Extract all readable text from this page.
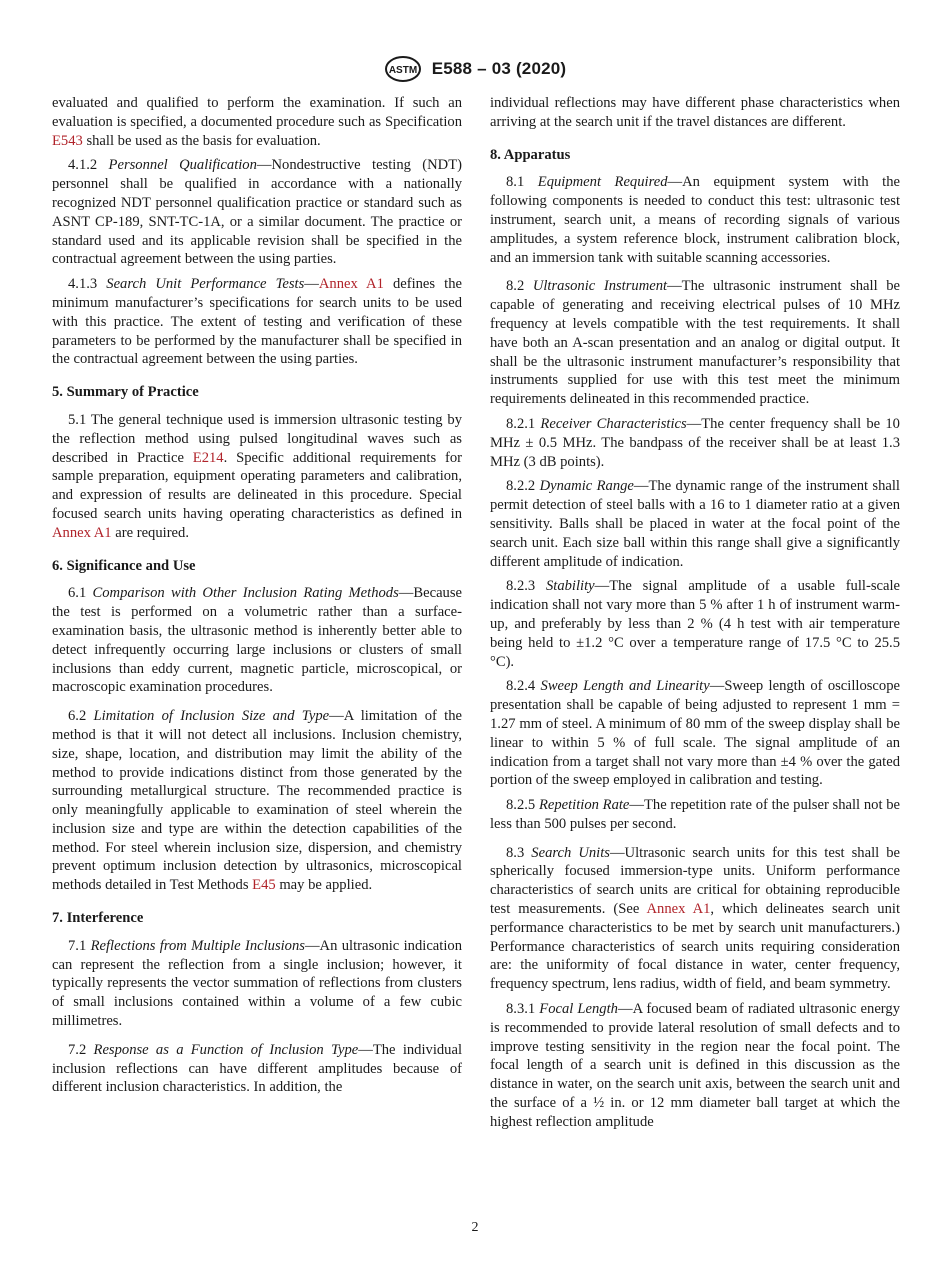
ASTM E588 – 03 (2020)

evaluated and qualified to perform the examination. If such an evaluation is specified, a documented procedure such as Specification E543 shall be used as the basis for evaluation.

4.1.2 Personnel Qualification—Nondestructive testing (NDT) personnel shall be qualified in accordance with a nationally recognized NDT personnel qualification practice or standard such as ASNT CP-189, SNT-TC-1A, or a similar document. The practice or standard used and its applicable revision shall be specified in the contractual agreement between the using parties.

4.1.3 Search Unit Performance Tests—Annex A1 defines the minimum manufacturer’s specifications for search units to be used with this practice. The extent of testing and verification of these parameters to be performed by the manufacturer shall be specified in the contractual agreement between the using parties.

5. Summary of Practice

5.1 The general technique used is immersion ultrasonic testing by the reflection method using pulsed longitudinal waves such as described in Practice E214. Specific additional requirements for sample preparation, equipment operating parameters and calibration, and expression of results are delineated in this procedure. Special focused search units having operating characteristics as defined in Annex A1 are required.

6. Significance and Use

6.1 Comparison with Other Inclusion Rating Methods—Because the test is performed on a volumetric rather than a surface-examination basis, the ultrasonic method is inherently better able to detect infrequently occurring large inclusions or clusters of small inclusions than eddy current, magnetic particle, microscopical, or macroscopic examination procedures.

6.2 Limitation of Inclusion Size and Type—A limitation of the method is that it will not detect all inclusions. Inclusion chemistry, size, shape, location, and distribution may limit the ability of the method to provide indications distinct from those generated by the surrounding metallurgical structure. The recommended practice is only meaningfully applicable to examination of steel wherein the inclusion size and type are within the detection capabilities of the method. For steel wherein inclusion size, dispersion, and chemistry prevent optimum inclusion detection by ultrasonics, microscopical methods detailed in Test Methods E45 may be applied.

7. Interference

7.1 Reflections from Multiple Inclusions—An ultrasonic indication can represent the reflection from a single inclusion; however, it typically represents the vector summation of reflections from clusters of small inclusions contained within a volume of a few cubic millimetres.

7.2 Response as a Function of Inclusion Type—The individual inclusion reflections can have different amplitudes because of different inclusion characteristics. In addition, the

individual reflections may have different phase characteristics when arriving at the search unit if the travel distances are different.

8. Apparatus

8.1 Equipment Required—An equipment system with the following components is needed to conduct this test: ultrasonic test instrument, search unit, a means of recording signals of various amplitudes, a system reference block, instrument calibration block, and an immersion tank with suitable scanning accessories.

8.2 Ultrasonic Instrument—The ultrasonic instrument shall be capable of generating and receiving electrical pulses of 10 MHz frequency at levels compatible with the test requirements. It shall have both an A-scan presentation and an analog or digital output. It shall be the ultrasonic instrument manufacturer’s responsibility that instruments supplied for use with this test meet the minimum requirements delineated in this recommended practice.

8.2.1 Receiver Characteristics—The center frequency shall be 10 MHz ± 0.5 MHz. The bandpass of the receiver shall be at least 1.3 MHz (3 dB points).

8.2.2 Dynamic Range—The dynamic range of the instrument shall permit detection of steel balls with a 16 to 1 diameter ratio at a given sensitivity. Balls shall be placed in water at the focal point of the search unit. Each size ball within this range shall give a significantly different amplitude of indication.

8.2.3 Stability—The signal amplitude of a usable full-scale indication shall not vary more than 5 % after 1 h of instrument warm-up, and preferably by less than 2 % (4 h test with air temperature being held to ±1.2 °C over a temperature range of 17.5 °C to 25.5 °C).

8.2.4 Sweep Length and Linearity—Sweep length of oscilloscope presentation shall be capable of being adjusted to represent 1 mm = 1.27 mm of steel. A minimum of 80 mm of the sweep display shall be linear to within 5 % of full scale. The signal amplitude of an indication from a target shall not vary more than ±4 % over the gated portion of the sweep employed in calibration and testing.

8.2.5 Repetition Rate—The repetition rate of the pulser shall not be less than 500 pulses per second.

8.3 Search Units—Ultrasonic search units for this test shall be spherically focused immersion-type units. Uniform performance characteristics of search units are critical for obtaining reproducible test measurements. (See Annex A1, which delineates search unit performance characteristics to be met by search unit manufacturers.) Performance characteristics of search units requiring consideration are: the uniformity of focal distance in water, center frequency, frequency spectrum, lens radius, width of field, and beam symmetry.

8.3.1 Focal Length—A focused beam of radiated ultrasonic energy is recommended to provide lateral resolution of small defects and to improve testing sensitivity in the region near the focal point. The focal length of a search unit is defined in this discussion as the distance in water, on the search unit axis, between the search unit and the surface of a ½ in. or 12 mm diameter ball target at which the highest reflection amplitude

2
